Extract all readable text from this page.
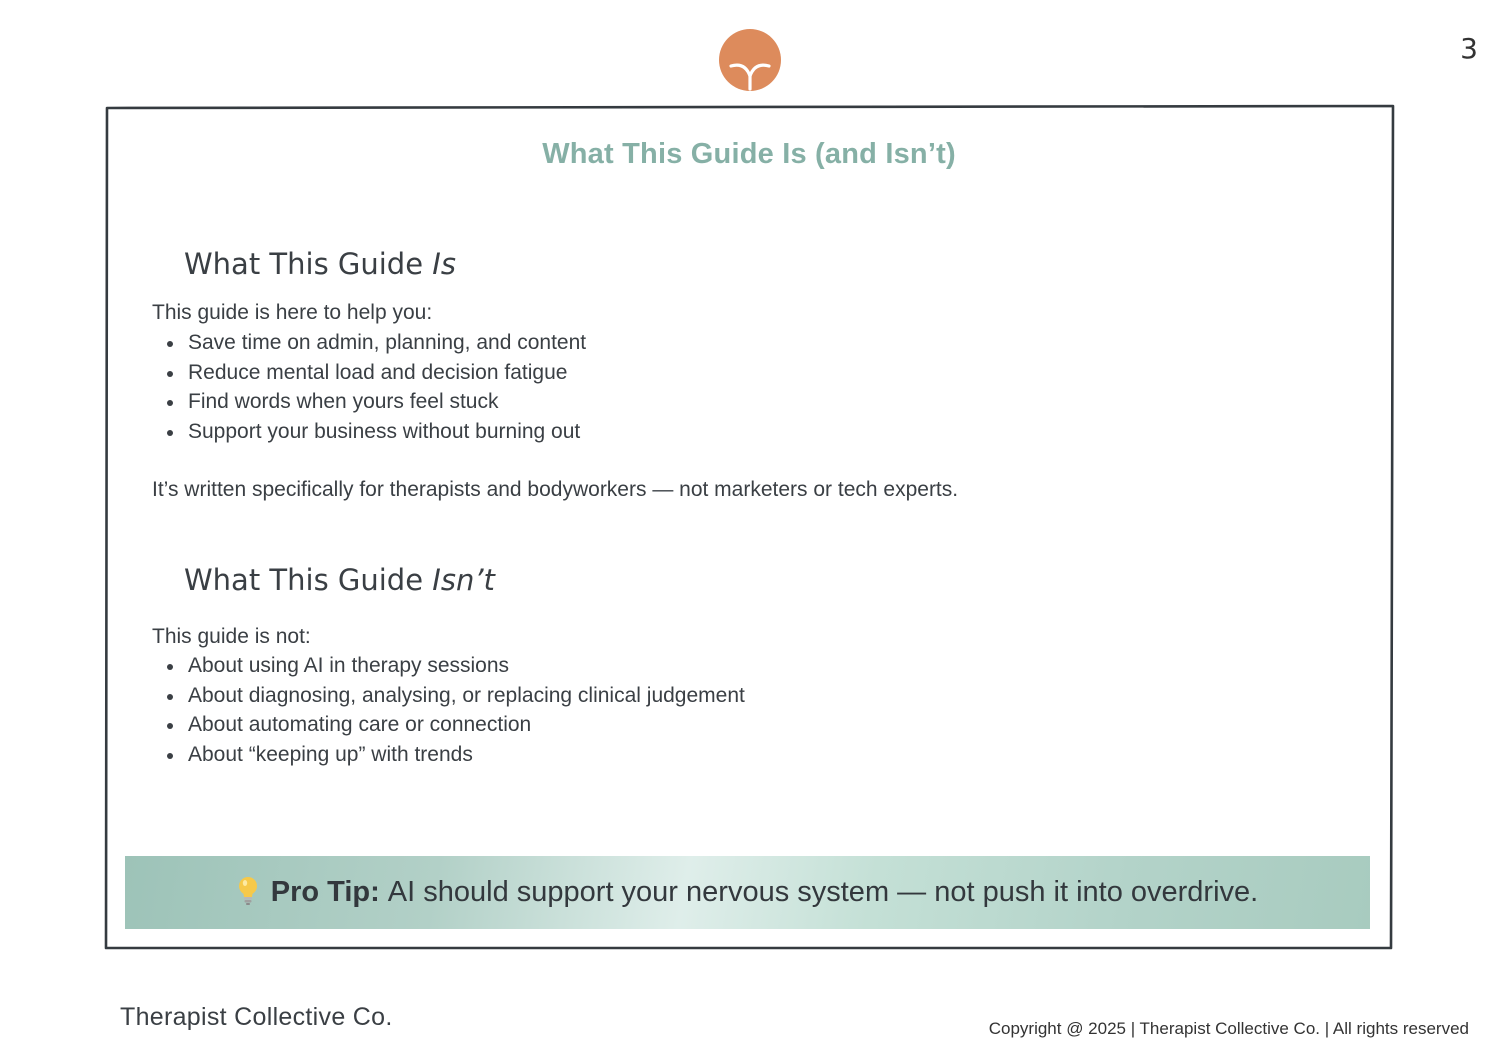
3
What This Guide Is (and Isn’t)
What This Guide Is

This guide is here to help you:

Save time on admin, planning, and content
Reduce mental load and decision fatigue
Find words when yours feel stuck
Support your business without burning out

It’s written specifically for therapists and bodyworkers — not marketers or tech experts.

What This Guide Isn’t

This guide is not:

About using AI in therapy sessions
About diagnosing, analysing, or replacing clinical judgement
About automating care or connection
About “keeping up” with trends
Pro Tip: AI should support your nervous system — not push it into overdrive.
Therapist Collective Co.	Copyright @ 2025 | Therapist Collective Co. | All rights reserved
